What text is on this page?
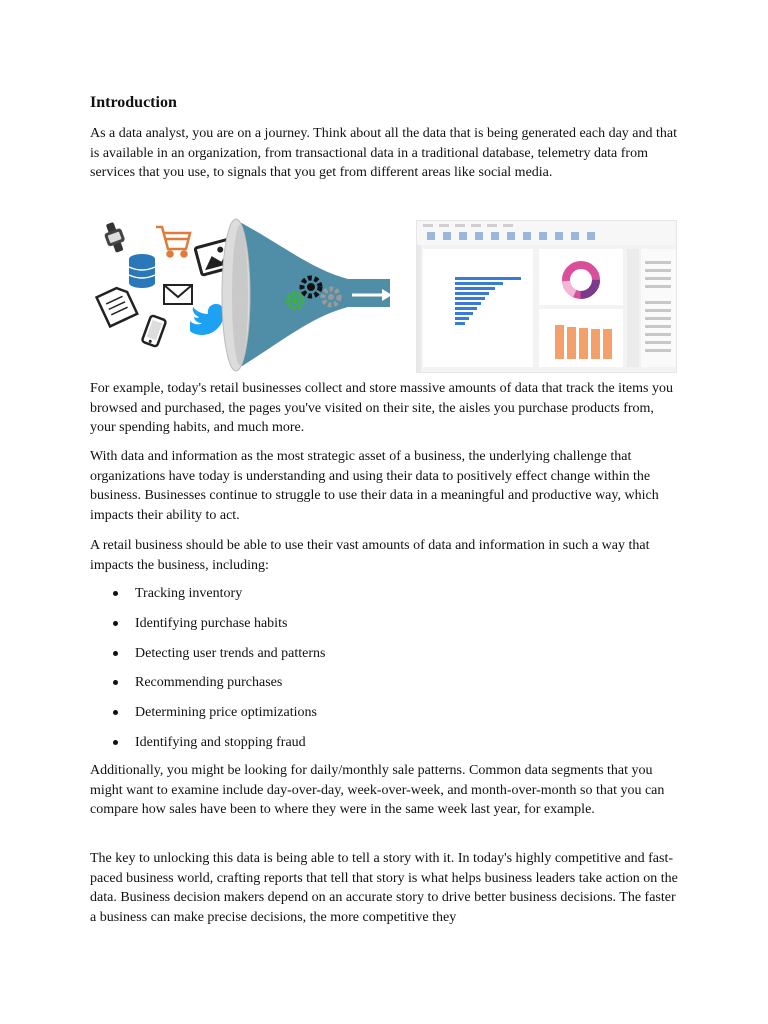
Introduction

As a data analyst, you are on a journey. Think about all the data that is being generated each day and that is available in an organization, from transactional data in a traditional database, telemetry data from services that you use, to signals that you get from different areas like social media.

For example, today's retail businesses collect and store massive amounts of data that track the items you browsed and purchased, the pages you've visited on their site, the aisles you purchase products from, your spending habits, and much more.

With data and information as the most strategic asset of a business, the underlying challenge that organizations have today is understanding and using their data to positively effect change within the business. Businesses continue to struggle to use their data in a meaningful and productive way, which impacts their ability to act.

A retail business should be able to use their vast amounts of data and information in such a way that impacts the business, including:

Tracking inventory
Identifying purchase habits
Detecting user trends and patterns
Recommending purchases
Determining price optimizations
Identifying and stopping fraud

Additionally, you might be looking for daily/monthly sale patterns. Common data segments that you might want to examine include day-over-day, week-over-week, and month-over-month so that you can compare how sales have been to where they were in the same week last year, for example.

The key to unlocking this data is being able to tell a story with it. In today's highly competitive and fast-paced business world, crafting reports that tell that story is what helps business leaders take action on the data. Business decision makers depend on an accurate story to drive better business decisions. The faster a business can make precise decisions, the more competitive they
